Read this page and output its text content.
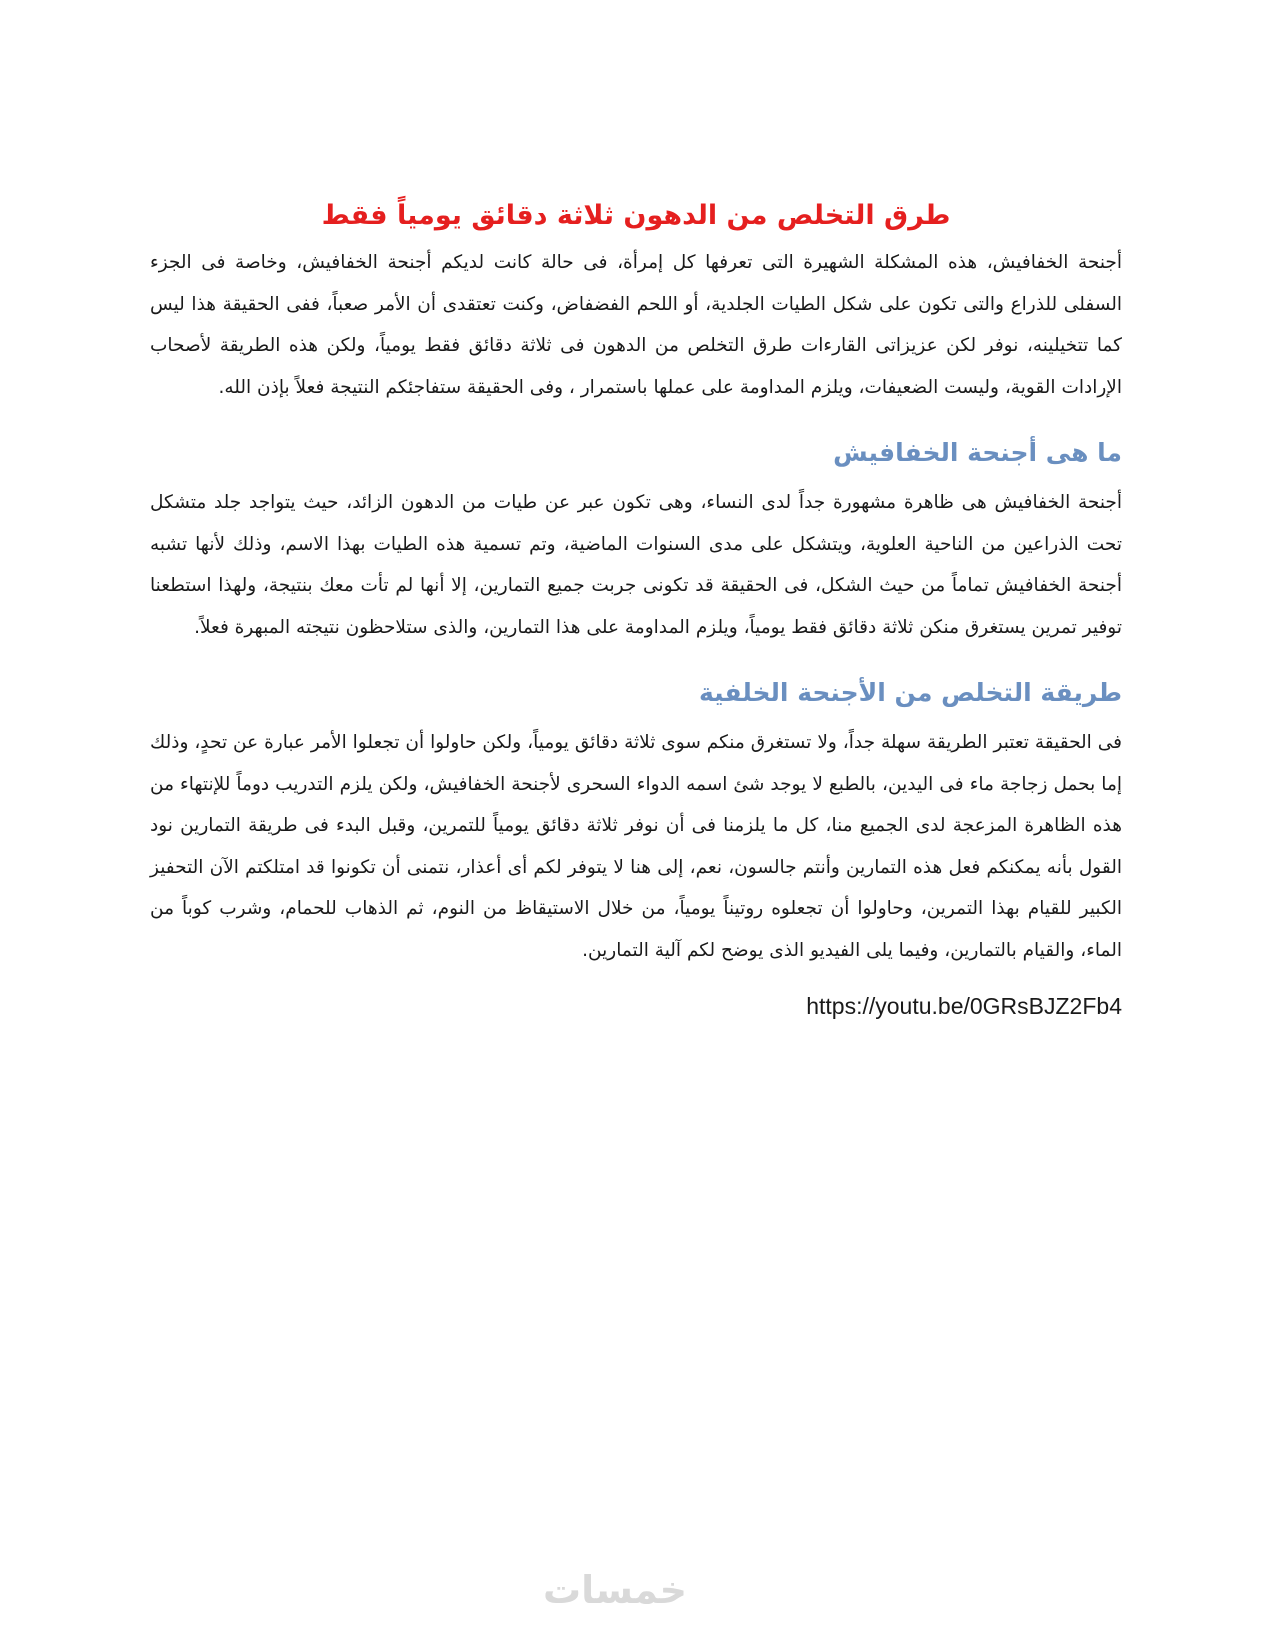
طرق التخلص من الدهون ثلاثة دقائق يومياً فقط

أجنحة الخفافيش، هذه المشكلة الشهيرة التى تعرفها كل إمرأة، فى حالة كانت لديكم أجنحة الخفافيش، وخاصة فى الجزء السفلى للذراع والتى تكون على شكل الطيات الجلدية، أو اللحم الفضفاض، وكنت تعتقدى أن الأمر صعباً، ففى الحقيقة هذا ليس كما تتخيلينه، نوفر لكن عزيزاتى القارءات طرق التخلص من الدهون فى ثلاثة دقائق فقط يومياً، ولكن هذه الطريقة لأصحاب الإرادات القوية، وليست الضعيفات، ويلزم المداومة على عملها باستمرار ، وفى الحقيقة ستفاجئكم النتيجة فعلاً بإذن الله.

ما هى أجنحة الخفافيش

أجنحة الخفافيش هى ظاهرة مشهورة جداً لدى النساء، وهى تكون عبر عن طيات من الدهون الزائد، حيث يتواجد جلد متشكل تحت الذراعين من الناحية العلوية، ويتشكل على مدى السنوات الماضية، وتم تسمية هذه الطيات بهذا الاسم، وذلك لأنها تشبه أجنحة الخفافيش تماماً من حيث الشكل، فى الحقيقة قد تكونى جربت جميع التمارين، إلا أنها لم تأت معك بنتيجة، ولهذا استطعنا توفير تمرين يستغرق منكن ثلاثة دقائق فقط يومياً، ويلزم المداومة على هذا التمارين، والذى ستلاحظون نتيجته المبهرة فعلاً.

طريقة التخلص من الأجنحة الخلفية

فى الحقيقة تعتبر الطريقة سهلة جداً، ولا تستغرق منكم سوى ثلاثة دقائق يومياً، ولكن حاولوا أن تجعلوا الأمر عبارة عن تحدٍ، وذلك إما بحمل زجاجة ماء فى اليدين، بالطبع لا يوجد شئ اسمه الدواء السحرى لأجنحة الخفافيش، ولكن يلزم التدريب دوماً للإنتهاء من هذه الظاهرة المزعجة لدى الجميع منا، كل ما يلزمنا فى أن نوفر ثلاثة دقائق يومياً للتمرين، وقبل البدء فى طريقة التمارين نود القول بأنه يمكنكم فعل هذه التمارين وأنتم جالسون، نعم، إلى هنا لا يتوفر لكم أى أعذار، نتمنى أن تكونوا قد امتلكتم الآن التحفيز الكبير للقيام بهذا التمرين، وحاولوا أن تجعلوه روتيناً يومياً، من خلال الاستيقاظ من النوم، ثم الذهاب للحمام، وشرب كوباً من الماء، والقيام بالتمارين، وفيما يلى الفيديو الذى يوضح لكم آلية التمارين.

https://youtu.be/0GRsBJZ2Fb4

خمسات
